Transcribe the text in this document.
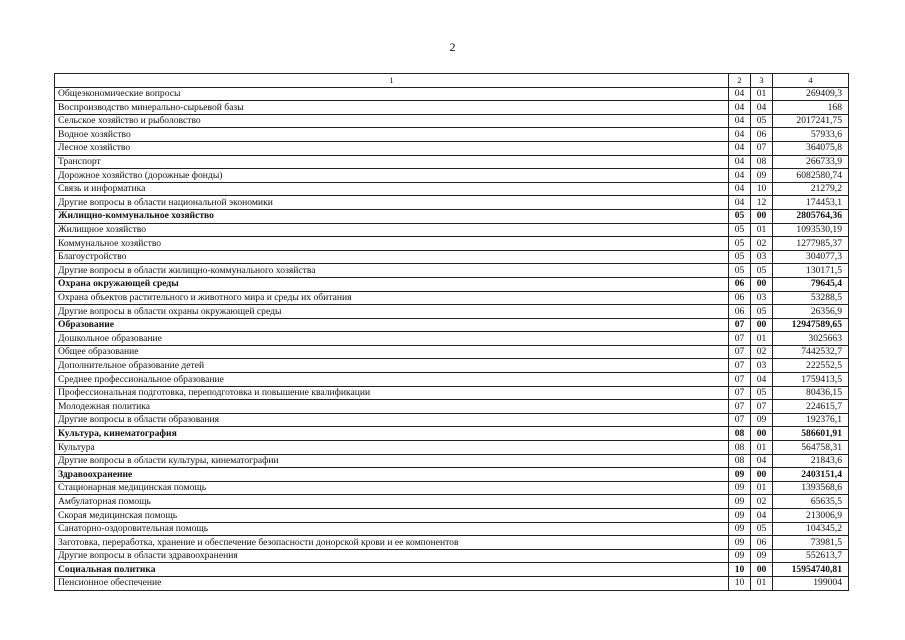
2
1	2	3	4
Общеэкономические вопросы	04	01	269409,3
Воспроизводство минерально-сырьевой базы	04	04	168
Сельское хозяйство и рыболовство	04	05	2017241,75
Водное хозяйство	04	06	57933,6
Лесное хозяйство	04	07	364075,8
Транспорт	04	08	266733,9
Дорожное хозяйство (дорожные фонды)	04	09	6082580,74
Связь и информатика	04	10	21279,2
Другие вопросы в области национальной экономики	04	12	174453,1
Жилищно-коммунальное хозяйство	05	00	2805764,36
Жилищное хозяйство	05	01	1093530,19
Коммунальное хозяйство	05	02	1277985,37
Благоустройство	05	03	304077,3
Другие вопросы в области жилищно-коммунального хозяйства	05	05	130171,5
Охрана окружающей среды	06	00	79645,4
Охрана объектов растительного и животного мира и среды их обитания	06	03	53288,5
Другие вопросы в области охраны окружающей среды	06	05	26356,9
Образование	07	00	12947589,65
Дошкольное образование	07	01	3025663
Общее образование	07	02	7442532,7
Дополнительное образование детей	07	03	222552,5
Среднее профессиональное образование	07	04	1759413,5
Профессиональная подготовка, переподготовка и повышение квалификации	07	05	80436,15
Молодежная политика	07	07	224615,7
Другие вопросы в области образования	07	09	192376,1
Культура, кинематография	08	00	586601,91
Культура	08	01	564758,31
Другие вопросы в области культуры, кинематографии	08	04	21843,6
Здравоохранение	09	00	2403151,4
Стационарная медицинская помощь	09	01	1393568,6
Амбулаторная помощь	09	02	65635,5
Скорая медицинская помощь	09	04	213006,9
Санаторно-оздоровительная помощь	09	05	104345,2
Заготовка, переработка, хранение и обеспечение безопасности донорской крови и ее компонентов	09	06	73981,5
Другие вопросы в области здравоохранения	09	09	552613,7
Социальная политика	10	00	15954740,81
Пенсионное обеспечение	10	01	199004
